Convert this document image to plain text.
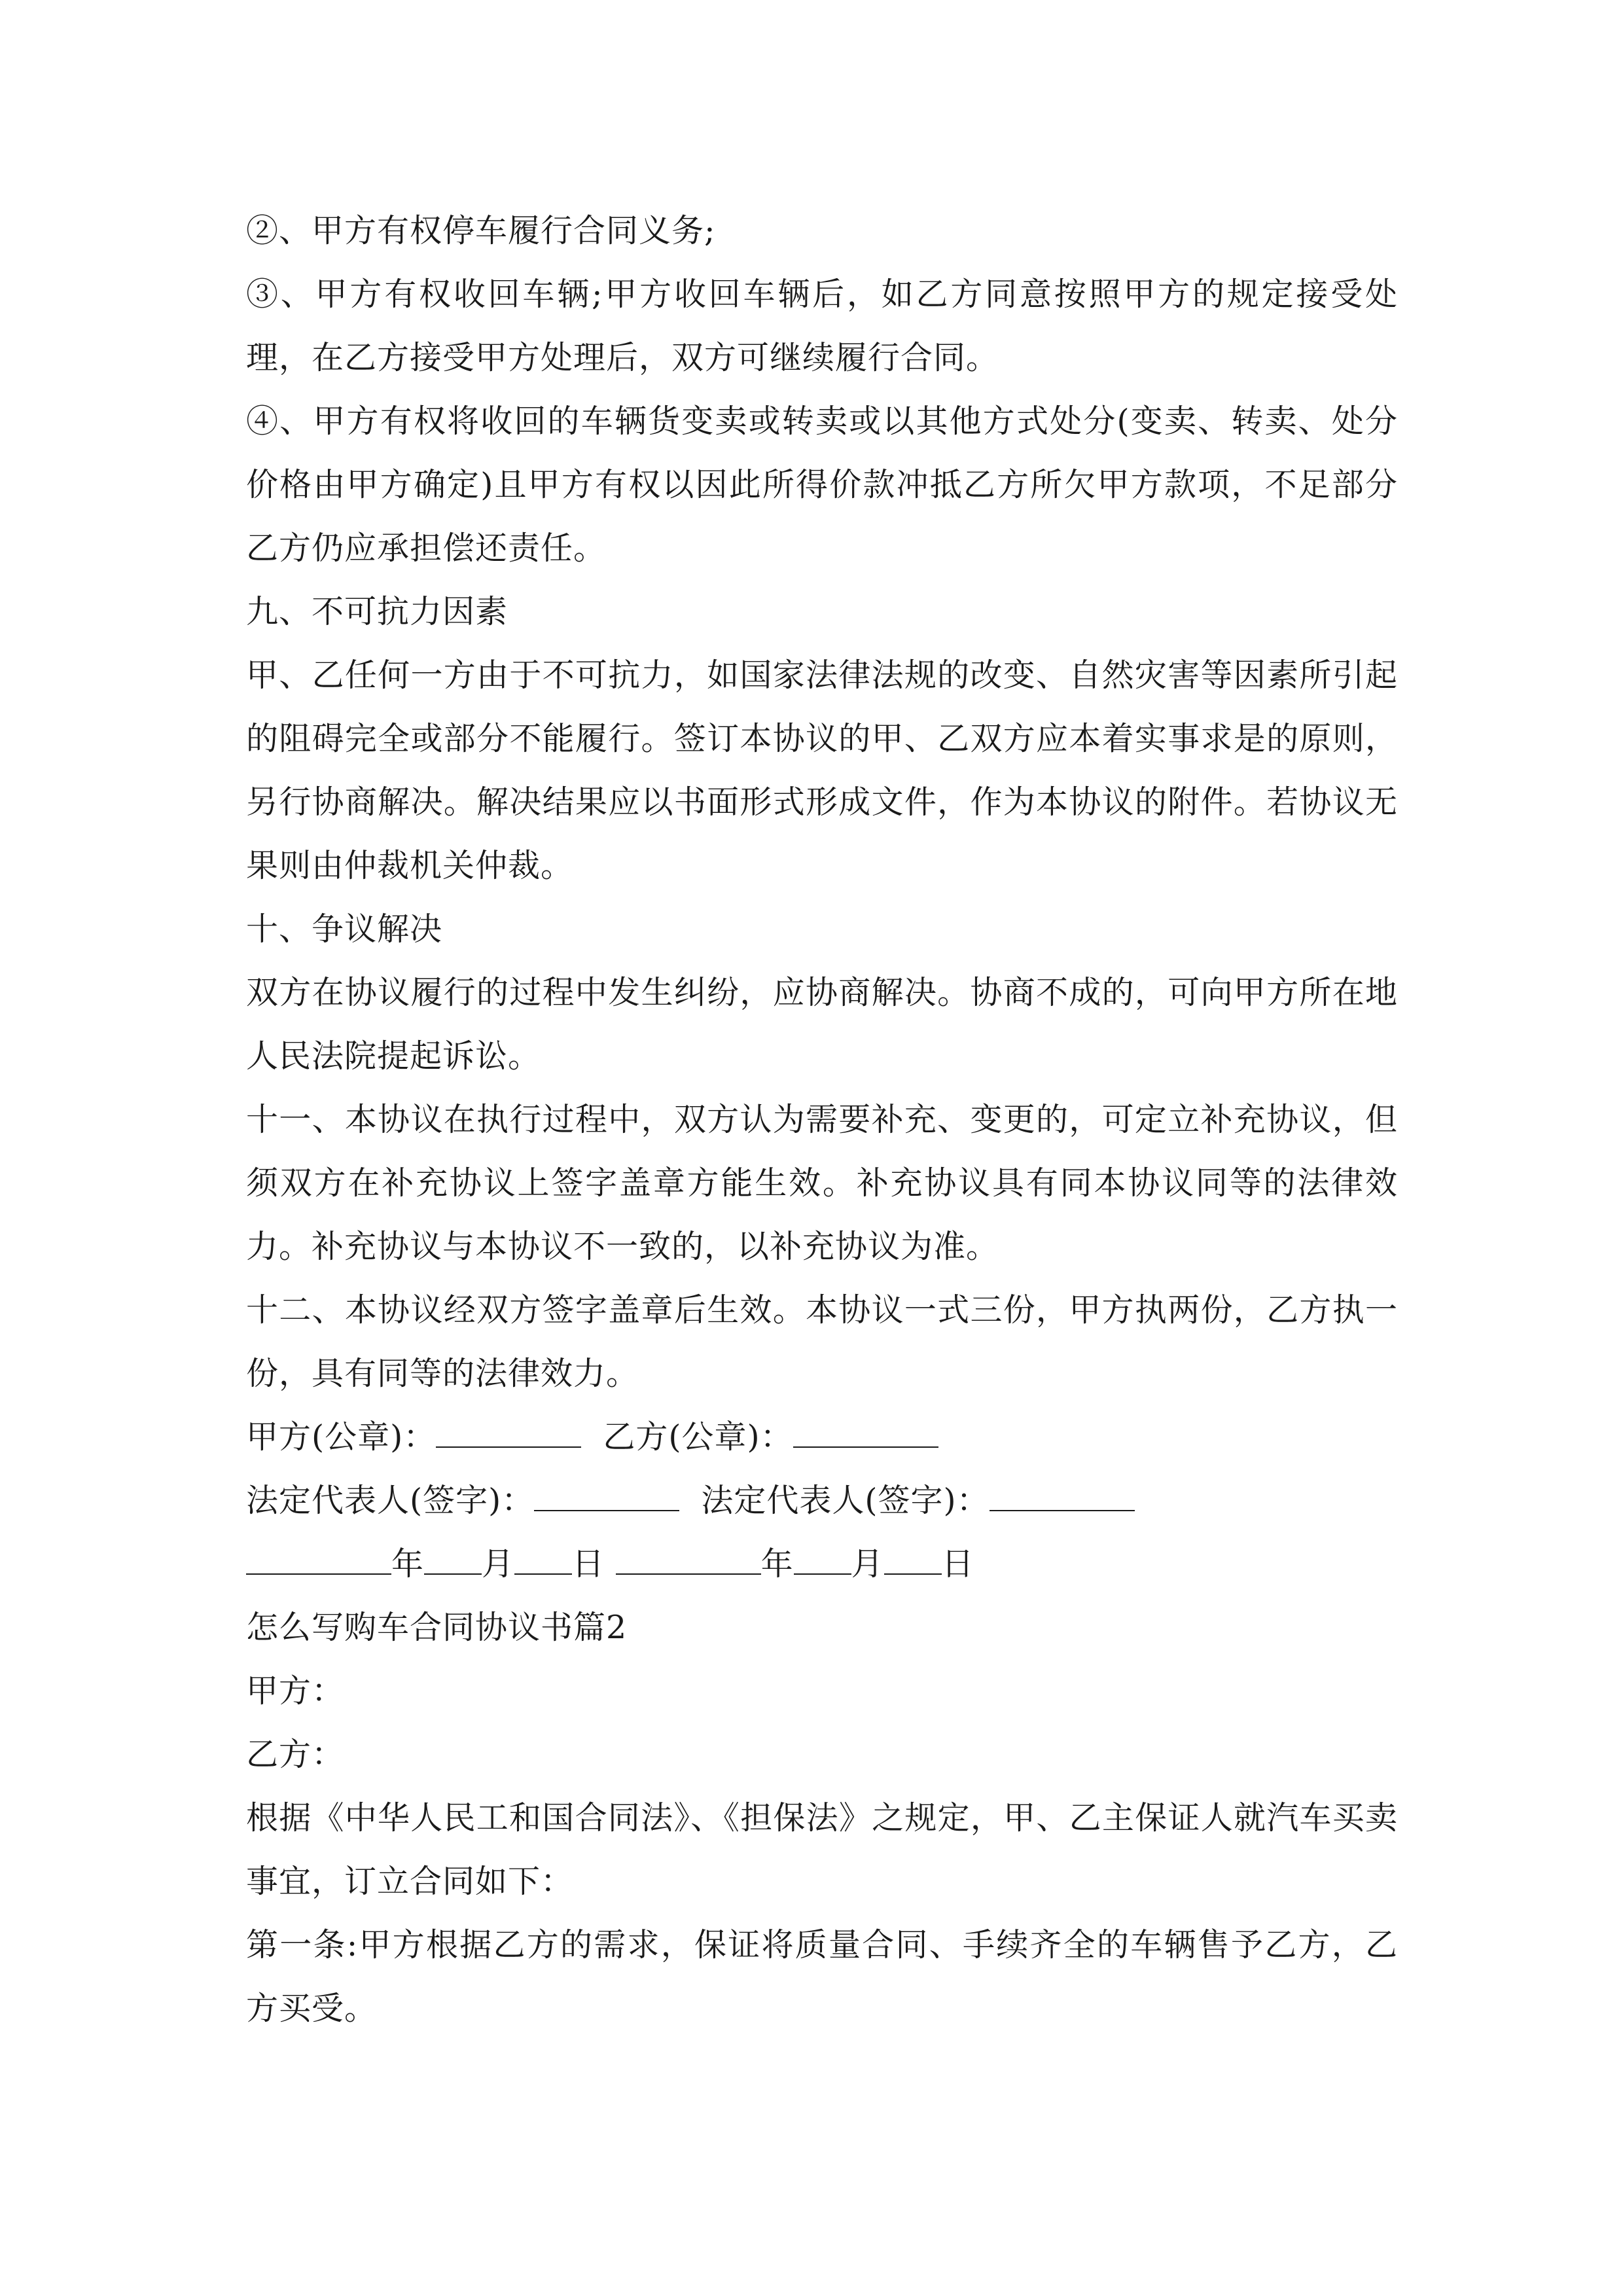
②、甲方有权停车履行合同义务;

③、甲方有权收回车辆;甲方收回车辆后，如乙方同意按照甲方的规定接受处理，在乙方接受甲方处理后，双方可继续履行合同。

④、甲方有权将收回的车辆货变卖或转卖或以其他方式处分(变卖、转卖、处分价格由甲方确定)且甲方有权以因此所得价款冲抵乙方所欠甲方款项，不足部分乙方仍应承担偿还责任。

九、不可抗力因素

甲、乙任何一方由于不可抗力，如国家法律法规的改变、自然灾害等因素所引起的阻碍完全或部分不能履行。签订本协议的甲、乙双方应本着实事求是的原则，另行协商解决。解决结果应以书面形式形成文件，作为本协议的附件。若协议无果则由仲裁机关仲裁。

十、争议解决

双方在协议履行的过程中发生纠纷，应协商解决。协商不成的，可向甲方所在地人民法院提起诉讼。

十一、本协议在执行过程中，双方认为需要补充、变更的，可定立补充协议，但须双方在补充协议上签字盖章方能生效。补充协议具有同本协议同等的法律效力。补充协议与本协议不一致的，以补充协议为准。

十二、本协议经双方签字盖章后生效。本协议一式三份，甲方执两份，乙方执一份，具有同等的法律效力。

甲方(公章)：	乙方(公章)：

法定代表人(签字)：	法定代表人(签字)：

年 月 日	年 月 日

怎么写购车合同协议书篇2

甲方：

乙方：

根据《中华人民工和国合同法》、《担保法》之规定，甲、乙主保证人就汽车买卖事宜，订立合同如下：

第一条:甲方根据乙方的需求，保证将质量合同、手续齐全的车辆售予乙方，乙方买受。
